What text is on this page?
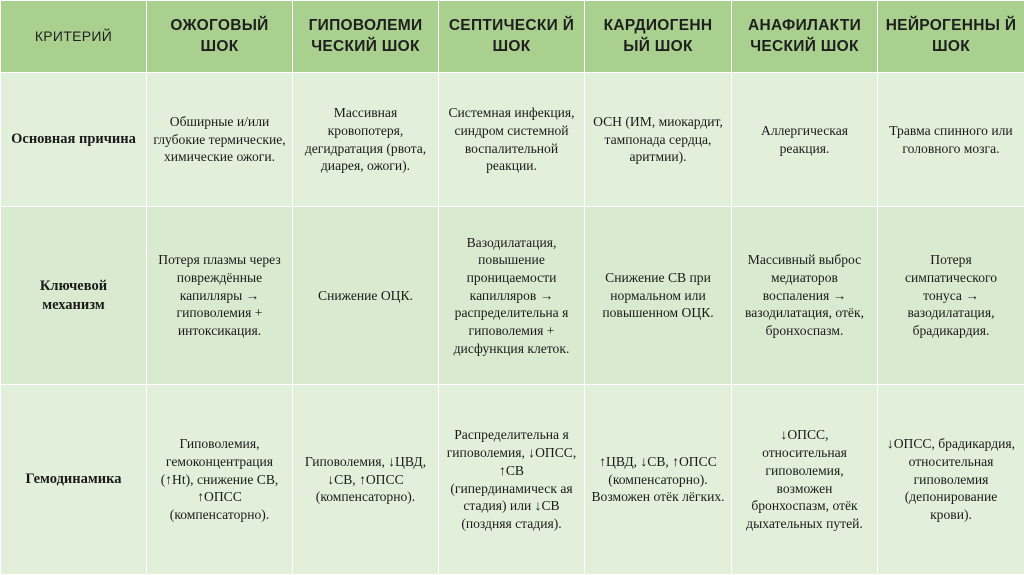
КРИТЕРИЙ	ОЖОГОВЫЙ ШОК	ГИПОВОЛЕМИ ЧЕСКИЙ ШОК	СЕПТИЧЕСКИ Й ШОК	КАРДИОГЕНН ЫЙ ШОК	АНАФИЛАКТИ ЧЕСКИЙ ШОК	НЕЙРОГЕННЫ Й ШОК
Основная причина	Обширные и/или глубокие термические, химические ожоги.	Массивная кровопотеря, дегидратация (рвота, диарея, ожоги).	Системная инфекция, синдром системной воспалительной реакции.	ОСН (ИМ, миокардит, тампонада сердца, аритмии).	Аллергическая реакция.	Травма спинного или головного мозга.
Ключевой механизм	Потеря плазмы через повреждённые капилляры → гиповолемия + интоксикация.	Снижение ОЦК.	Вазодилатация, повышение проницаемости капилляров → распределительна я гиповолемия + дисфункция клеток.	Снижение СВ при нормальном или повышенном ОЦК.	Массивный выброс медиаторов воспаления → вазодилатация, отёк, бронхоспазм.	Потеря симпатического тонуса → вазодилатация, брадикардия.
Гемодинамика	Гиповолемия, гемоконцентрация (↑Ht), снижение СВ, ↑ОПСС (компенсаторно).	Гиповолемия, ↓ЦВД, ↓СВ, ↑ОПСС (компенсаторно).	Распределительна я гиповолемия, ↓ОПСС, ↑СВ (гипердинамическ ая стадия) или ↓СВ (поздняя стадия).	↑ЦВД, ↓СВ, ↑ОПСС (компенсаторно). Возможен отёк лёгких.	↓ОПСС, относительная гиповолемия, возможен бронхоспазм, отёк дыхательных путей.	↓ОПСС, брадикардия, относительная гиповолемия (депонирование крови).
